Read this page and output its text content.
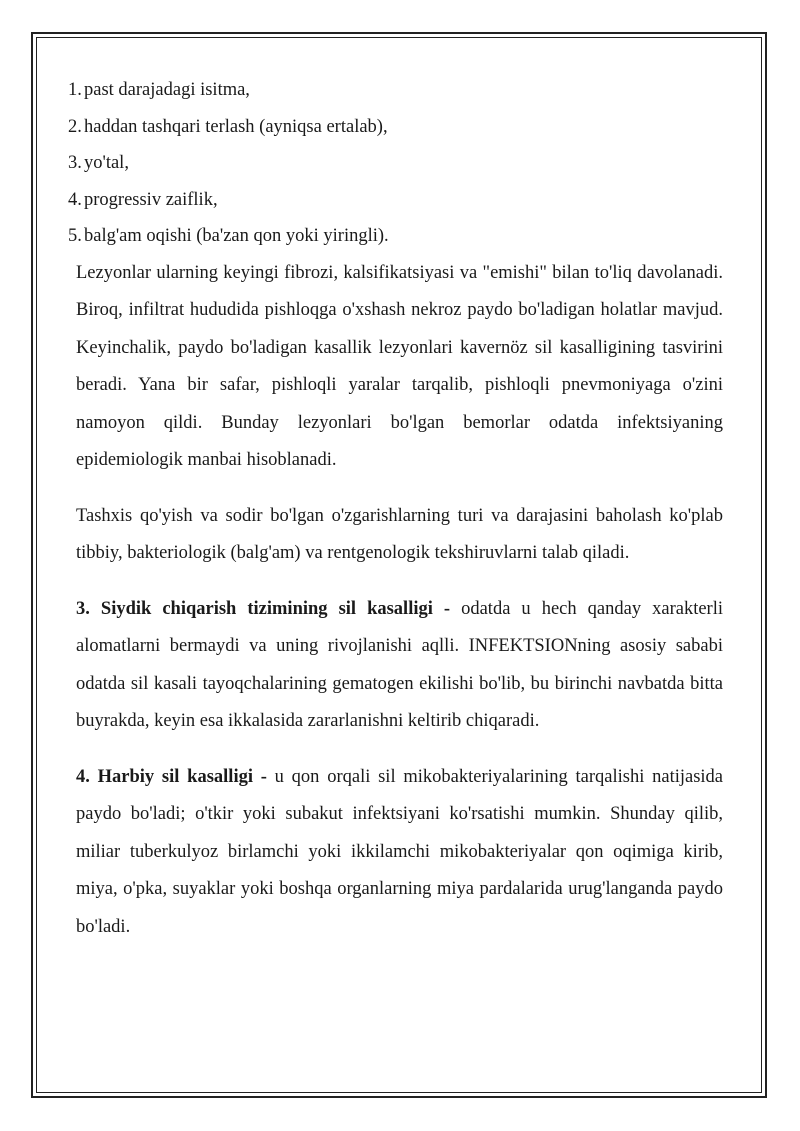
1. past darajadagi isitma,
2. haddan tashqari terlash (ayniqsa ertalab),
3. yo'tal,
4. progressiv zaiflik,
5. balg'am oqishi (ba'zan qon yoki yiringli).

Lezyonlar ularning keyingi fibrozi, kalsifikatsiyasi va "emishi" bilan to'liq davolanadi. Biroq, infiltrat hududida pishloqga o'xshash nekroz paydo bo'ladigan holatlar mavjud. Keyinchalik, paydo bo'ladigan kasallik lezyonlari kavernöz sil kasalligining tasvirini beradi. Yana bir safar, pishloqli yaralar tarqalib, pishloqli pnevmoniyaga o'zini namoyon qildi. Bunday lezyonlari bo'lgan bemorlar odatda infektsiyaning epidemiologik manbai hisoblanadi.

Tashxis qo'yish va sodir bo'lgan o'zgarishlarning turi va darajasini baholash ko'plab tibbiy, bakteriologik (balg'am) va rentgenologik tekshiruvlarni talab qiladi.

3. Siydik chiqarish tizimining sil kasalligi - odatda u hech qanday xarakterli alomatlarni bermaydi va uning rivojlanishi aqlli. INFEKTSIONning asosiy sababi odatda sil kasali tayoqchalarining gematogen ekilishi bo'lib, bu birinchi navbatda bitta buyrakda, keyin esa ikkalasida zararlanishni keltirib chiqaradi.

4. Harbiy sil kasalligi - u qon orqali sil mikobakteriyalarining tarqalishi natijasida paydo bo'ladi; o'tkir yoki subakut infektsiyani ko'rsatishi mumkin. Shunday qilib, miliar tuberkulyoz birlamchi yoki ikkilamchi mikobakteriyalar qon oqimiga kirib, miya, o'pka, suyaklar yoki boshqa organlarning miya pardalarida urug'langanda paydo bo'ladi.
